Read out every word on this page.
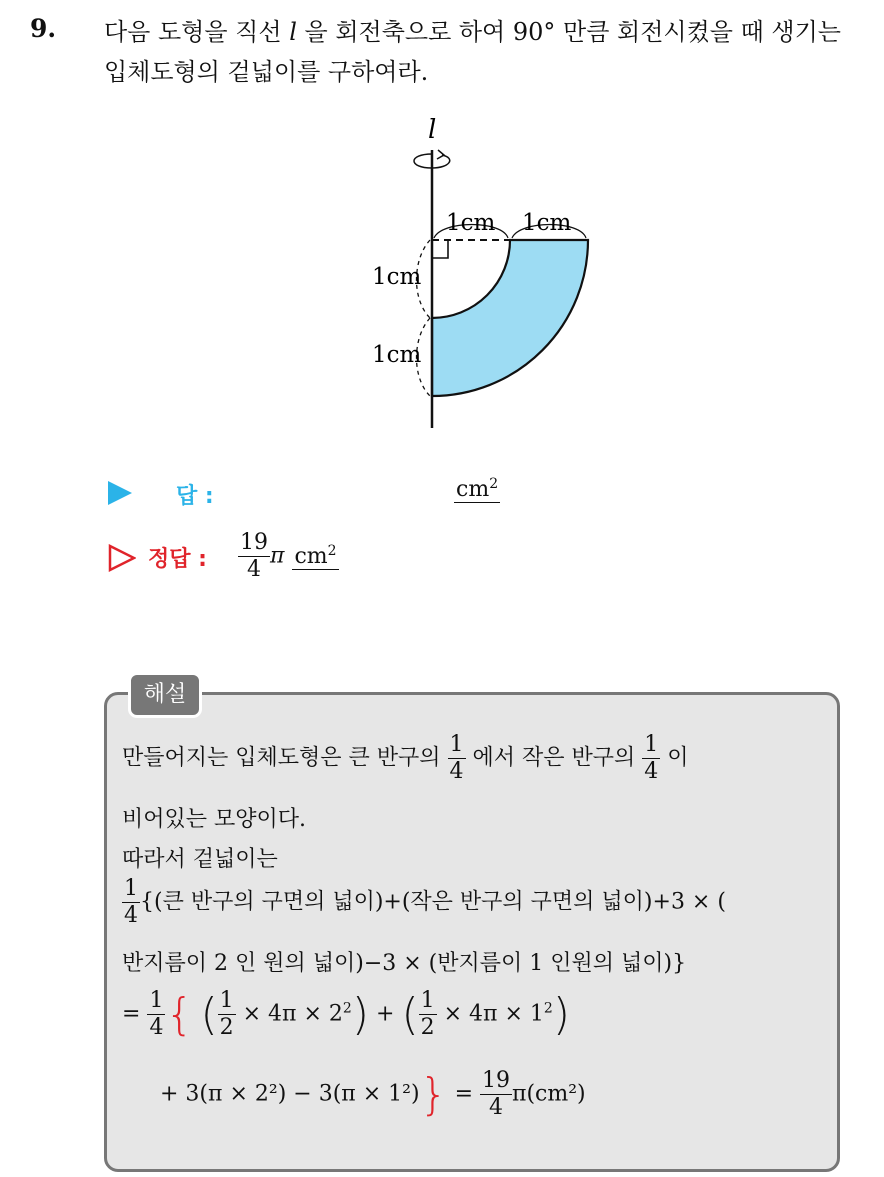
9. 다음 도형을 직선 l 을 회전축으로 하여 90° 만큼 회전시켰을 때 생기는
입체도형의 겉넓이를 구하여라.
l
1cm 1cm
1cm
1cm
답 :	$cm^2$
정답 : $\frac{19}{4}$ π $cm^2$
해설
만들어지는 입체도형은 큰 반구의 $\frac{1}{4}$ 에서 작은 반구의 $\frac{1}{4}$ 이
비어있는 모양이다.
따라서 겉넓이는
$\frac{1}{4}$ {(큰 반구의 구면의 넓이)+(작은 반구의 구면의 넓이)+3 × (
반지름이 2 인 원의 넓이)−3 × (반지름이 1 인원의 넓이)}
= $\frac{1}{4}$ { ( $\frac{1}{2} \times 4\pi \times 2^2$) + ( $\frac{1}{2} \times 4\pi \times 1^2$)
+ $3(\pi \times 2^2) - 3(\pi \times 1^2)\} = \frac{19}{4} \pi(cm^2)$
